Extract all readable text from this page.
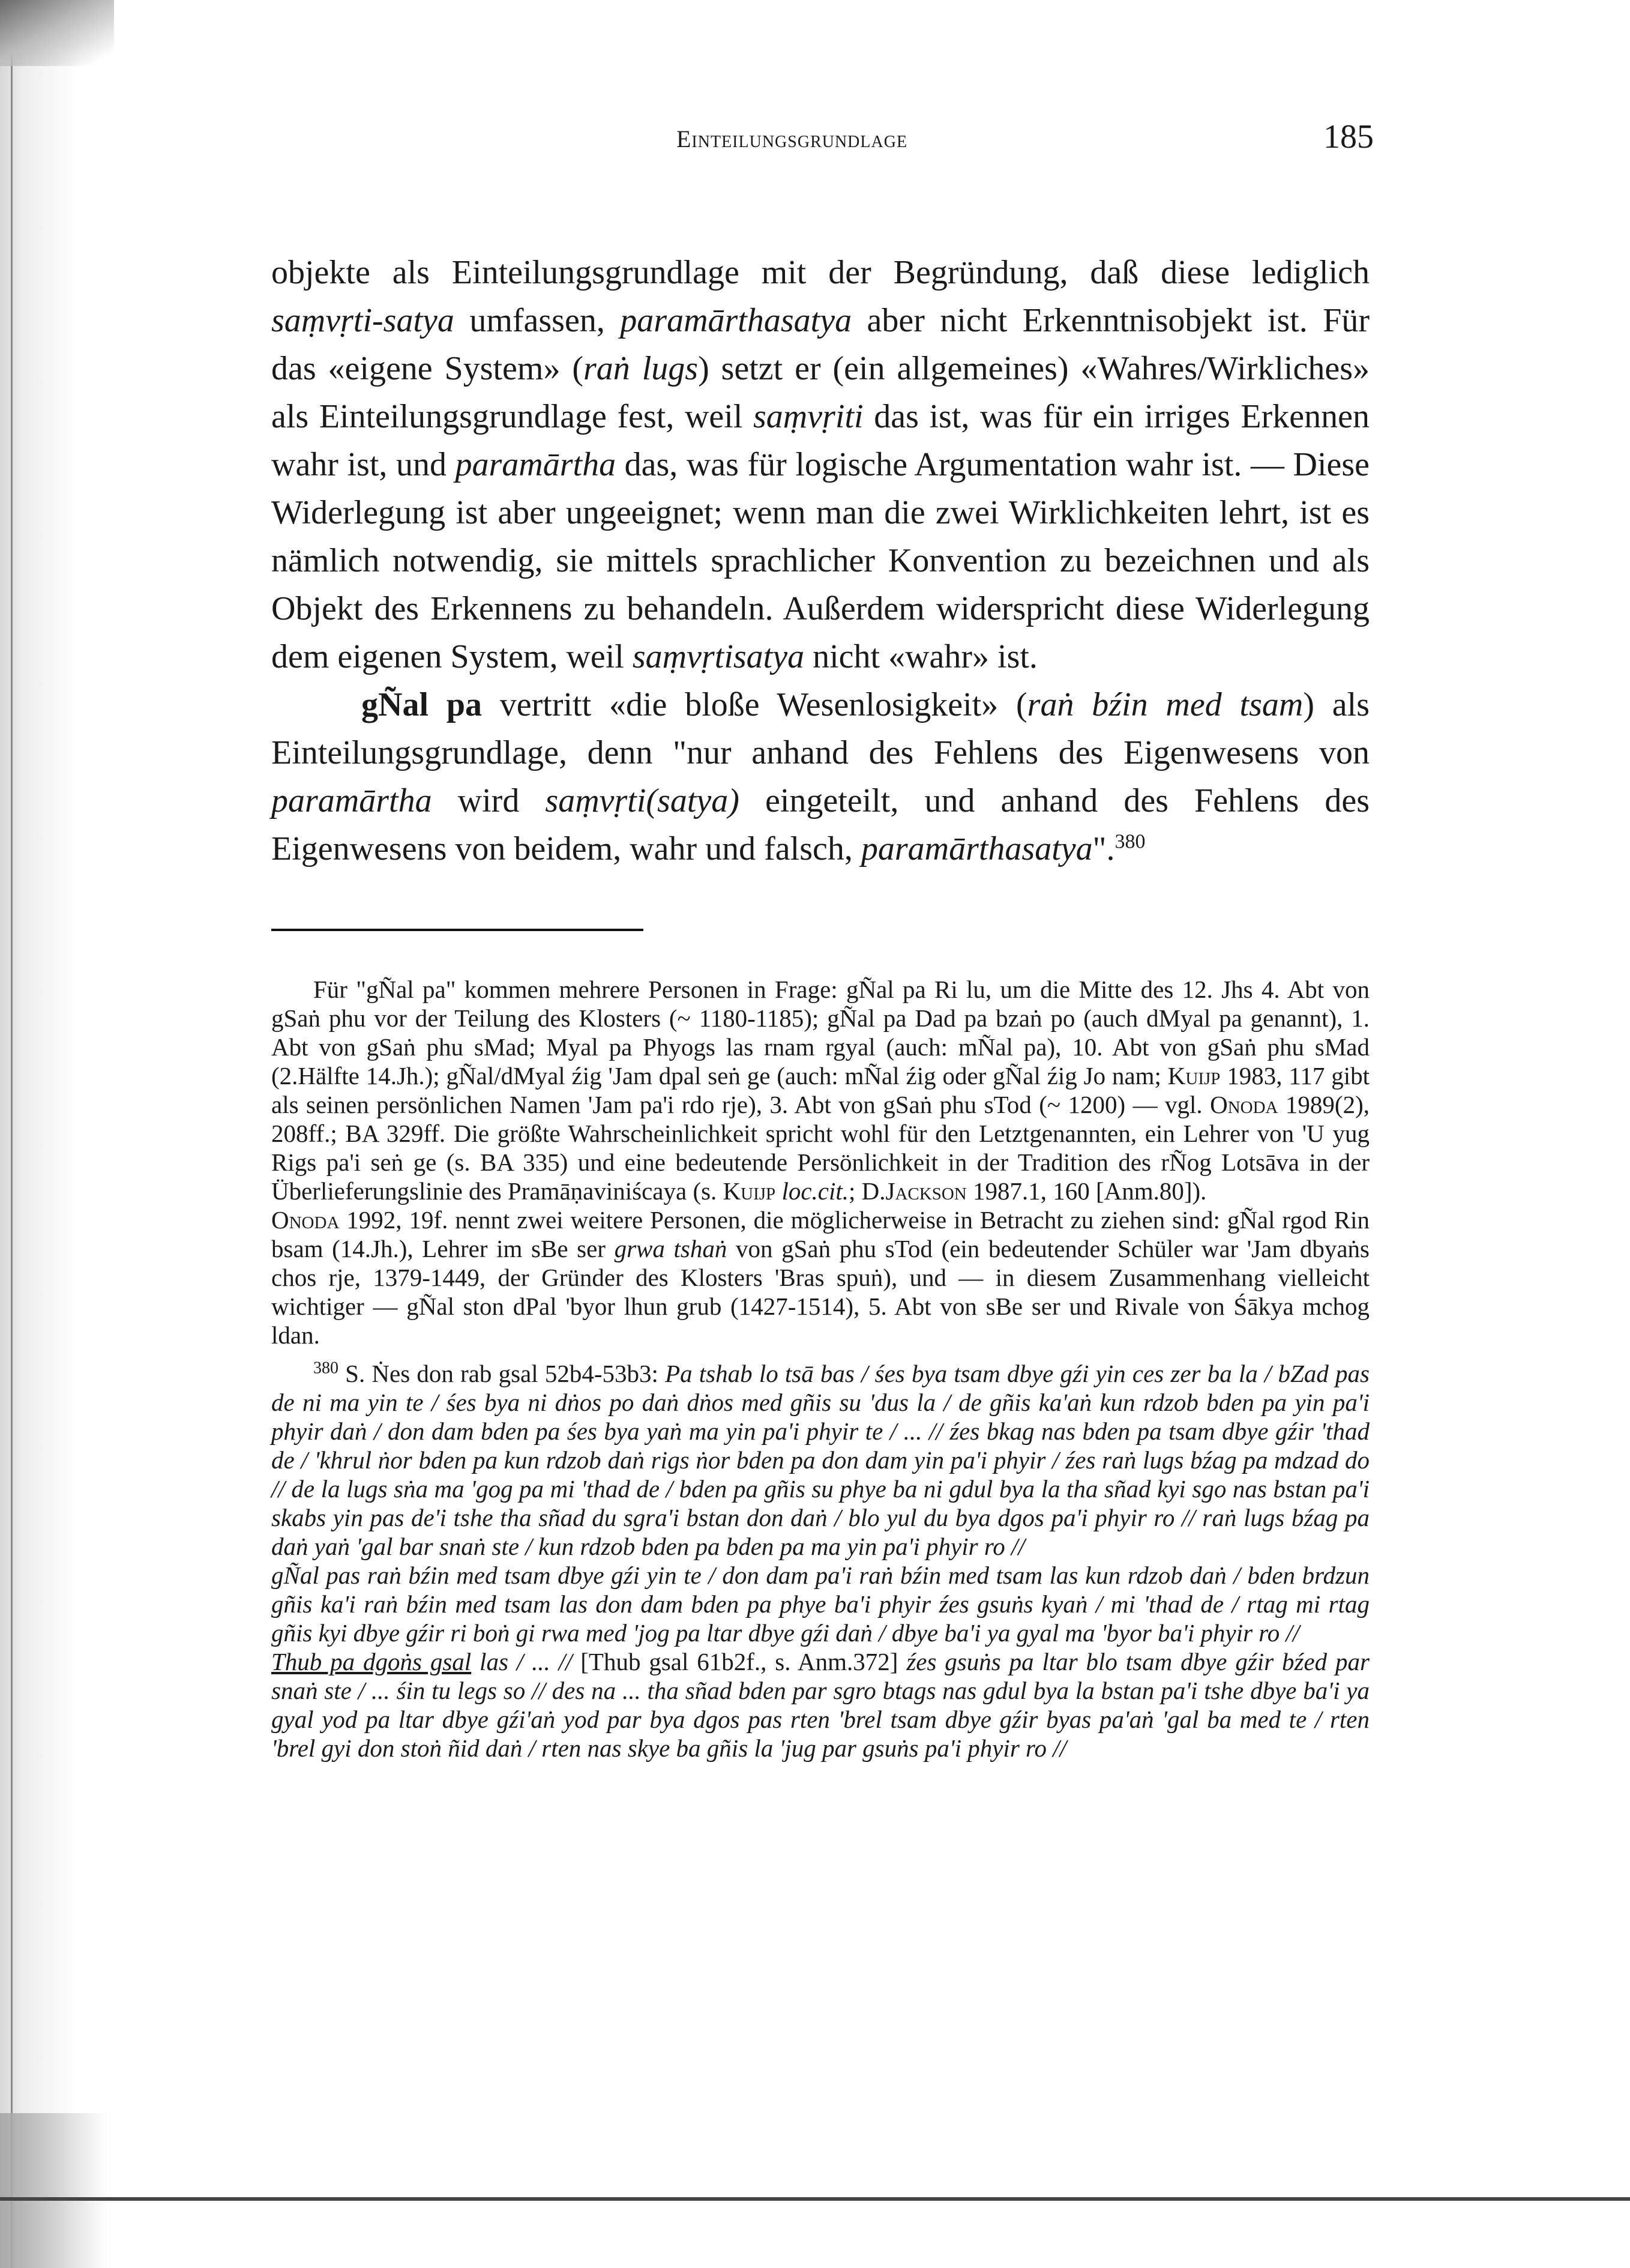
Einteilungsgrundlage	185

objekte als Einteilungsgrundlage mit der Begründung, daß diese lediglich saṃvṛti-satya umfassen, paramārthasatya aber nicht Erkenntnisobjekt ist. Für das «eigene System» (raṅ lugs) setzt er (ein allgemeines) «Wahres/Wirkliches» als Einteilungsgrundlage fest, weil saṃvṛiti das ist, was für ein irriges Erkennen wahr ist, und paramārtha das, was für logische Argumentation wahr ist. — Diese Widerlegung ist aber ungeeignet; wenn man die zwei Wirklichkeiten lehrt, ist es nämlich notwendig, sie mittels sprachlicher Konvention zu bezeichnen und als Objekt des Erkennens zu behandeln. Außerdem widerspricht diese Widerlegung dem eigenen System, weil saṃvṛtisatya nicht «wahr» ist.

gÑal pa vertritt «die bloße Wesenlosigkeit» (raṅ bźin med tsam) als Einteilungsgrundlage, denn "nur anhand des Fehlens des Eigenwesens von paramārtha wird saṃvṛti(satya) eingeteilt, und anhand des Fehlens des Eigenwesens von beidem, wahr und falsch, paramārthasatya".$^{380}$

Für "gÑal pa" kommen mehrere Personen in Frage: gÑal pa Ri lu, um die Mitte des 12. Jhs 4. Abt von gSaṅ phu vor der Teilung des Klosters (~ 1180-1185); gÑal pa Dad pa bzaṅ po (auch dMyal pa genannt), 1. Abt von gSaṅ phu sMad; Myal pa Phyogs las rnam rgyal (auch: mÑal pa), 10. Abt von gSaṅ phu sMad (2.Hälfte 14.Jh.); gÑal/dMyal źig 'Jam dpal seṅ ge (auch: mÑal źig oder gÑal źig Jo nam; Kuijp 1983, 117 gibt als seinen persönlichen Namen 'Jam pa'i rdo rje), 3. Abt von gSaṅ phu sTod (~ 1200) — vgl. Onoda 1989(2), 208ff.; BA 329ff. Die größte Wahrscheinlichkeit spricht wohl für den Letztgenannten, ein Lehrer von 'U yug Rigs pa'i seṅ ge (s. BA 335) und eine bedeutende Persönlichkeit in der Tradition des rÑog Lotsāva in der Überlieferungslinie des Pramāṇaviniścaya (s. Kuijp loc.cit.; D.Jackson 1987.1, 160 [Anm.80]).

Onoda 1992, 19f. nennt zwei weitere Personen, die möglicherweise in Betracht zu ziehen sind: gÑal rgod Rin bsam (14.Jh.), Lehrer im sBe ser grwa tshaṅ von gSaṅ phu sTod (ein bedeutender Schüler war 'Jam dbyaṅs chos rje, 1379-1449, der Gründer des Klosters 'Bras spuṅ), und — in diesem Zusammenhang vielleicht wichtiger — gÑal ston dPal 'byor lhun grub (1427-1514), 5. Abt von sBe ser und Rivale von Śākya mchog ldan.

$^{380}$ S. Ṅes don rab gsal 52b4-53b3: Pa tshab lo tsā bas / śes bya tsam dbye gźi yin ces zer ba la / bZad pas de ni ma yin te / śes bya ni dṅos po daṅ dṅos med gñis su 'dus la / de gñis ka'aṅ kun rdzob bden pa yin pa'i phyir daṅ / don dam bden pa śes bya yaṅ ma yin pa'i phyir te / ... // źes bkag nas bden pa tsam dbye gźir 'thad de / 'khrul ṅor bden pa kun rdzob daṅ rigs ṅor bden pa don dam yin pa'i phyir / źes raṅ lugs bźag pa mdzad do // de la lugs sṅa ma 'gog pa mi 'thad de / bden pa gñis su phye ba ni gdul bya la tha sñad kyi sgo nas bstan pa'i skabs yin pas de'i tshe tha sñad du sgra'i bstan don daṅ / blo yul du bya dgos pa'i phyir ro // raṅ lugs bźag pa daṅ yaṅ 'gal bar snaṅ ste / kun rdzob bden pa bden pa ma yin pa'i phyir ro //

gÑal pas raṅ bźin med tsam dbye gźi yin te / don dam pa'i raṅ bźin med tsam las kun rdzob daṅ / bden brdzun gñis ka'i raṅ bźin med tsam las don dam bden pa phye ba'i phyir źes gsuṅs kyaṅ / mi 'thad de / rtag mi rtag gñis kyi dbye gźir ri boṅ gi rwa med 'jog pa ltar dbye gźi daṅ / dbye ba'i ya gyal ma 'byor ba'i phyir ro //

Thub pa dgoṅs gsal las / ... // [Thub gsal 61b2f., s. Anm.372] źes gsuṅs pa ltar blo tsam dbye gźir bźed par snaṅ ste / ... śin tu legs so // des na ... tha sñad bden par sgro btags nas gdul bya la bstan pa'i tshe dbye ba'i ya gyal yod pa ltar dbye gźi'aṅ yod par bya dgos pas rten 'brel tsam dbye gźir byas pa'aṅ 'gal ba med te / rten 'brel gyi don stoṅ ñid daṅ / rten nas skye ba gñis la 'jug par gsuṅs pa'i phyir ro //
